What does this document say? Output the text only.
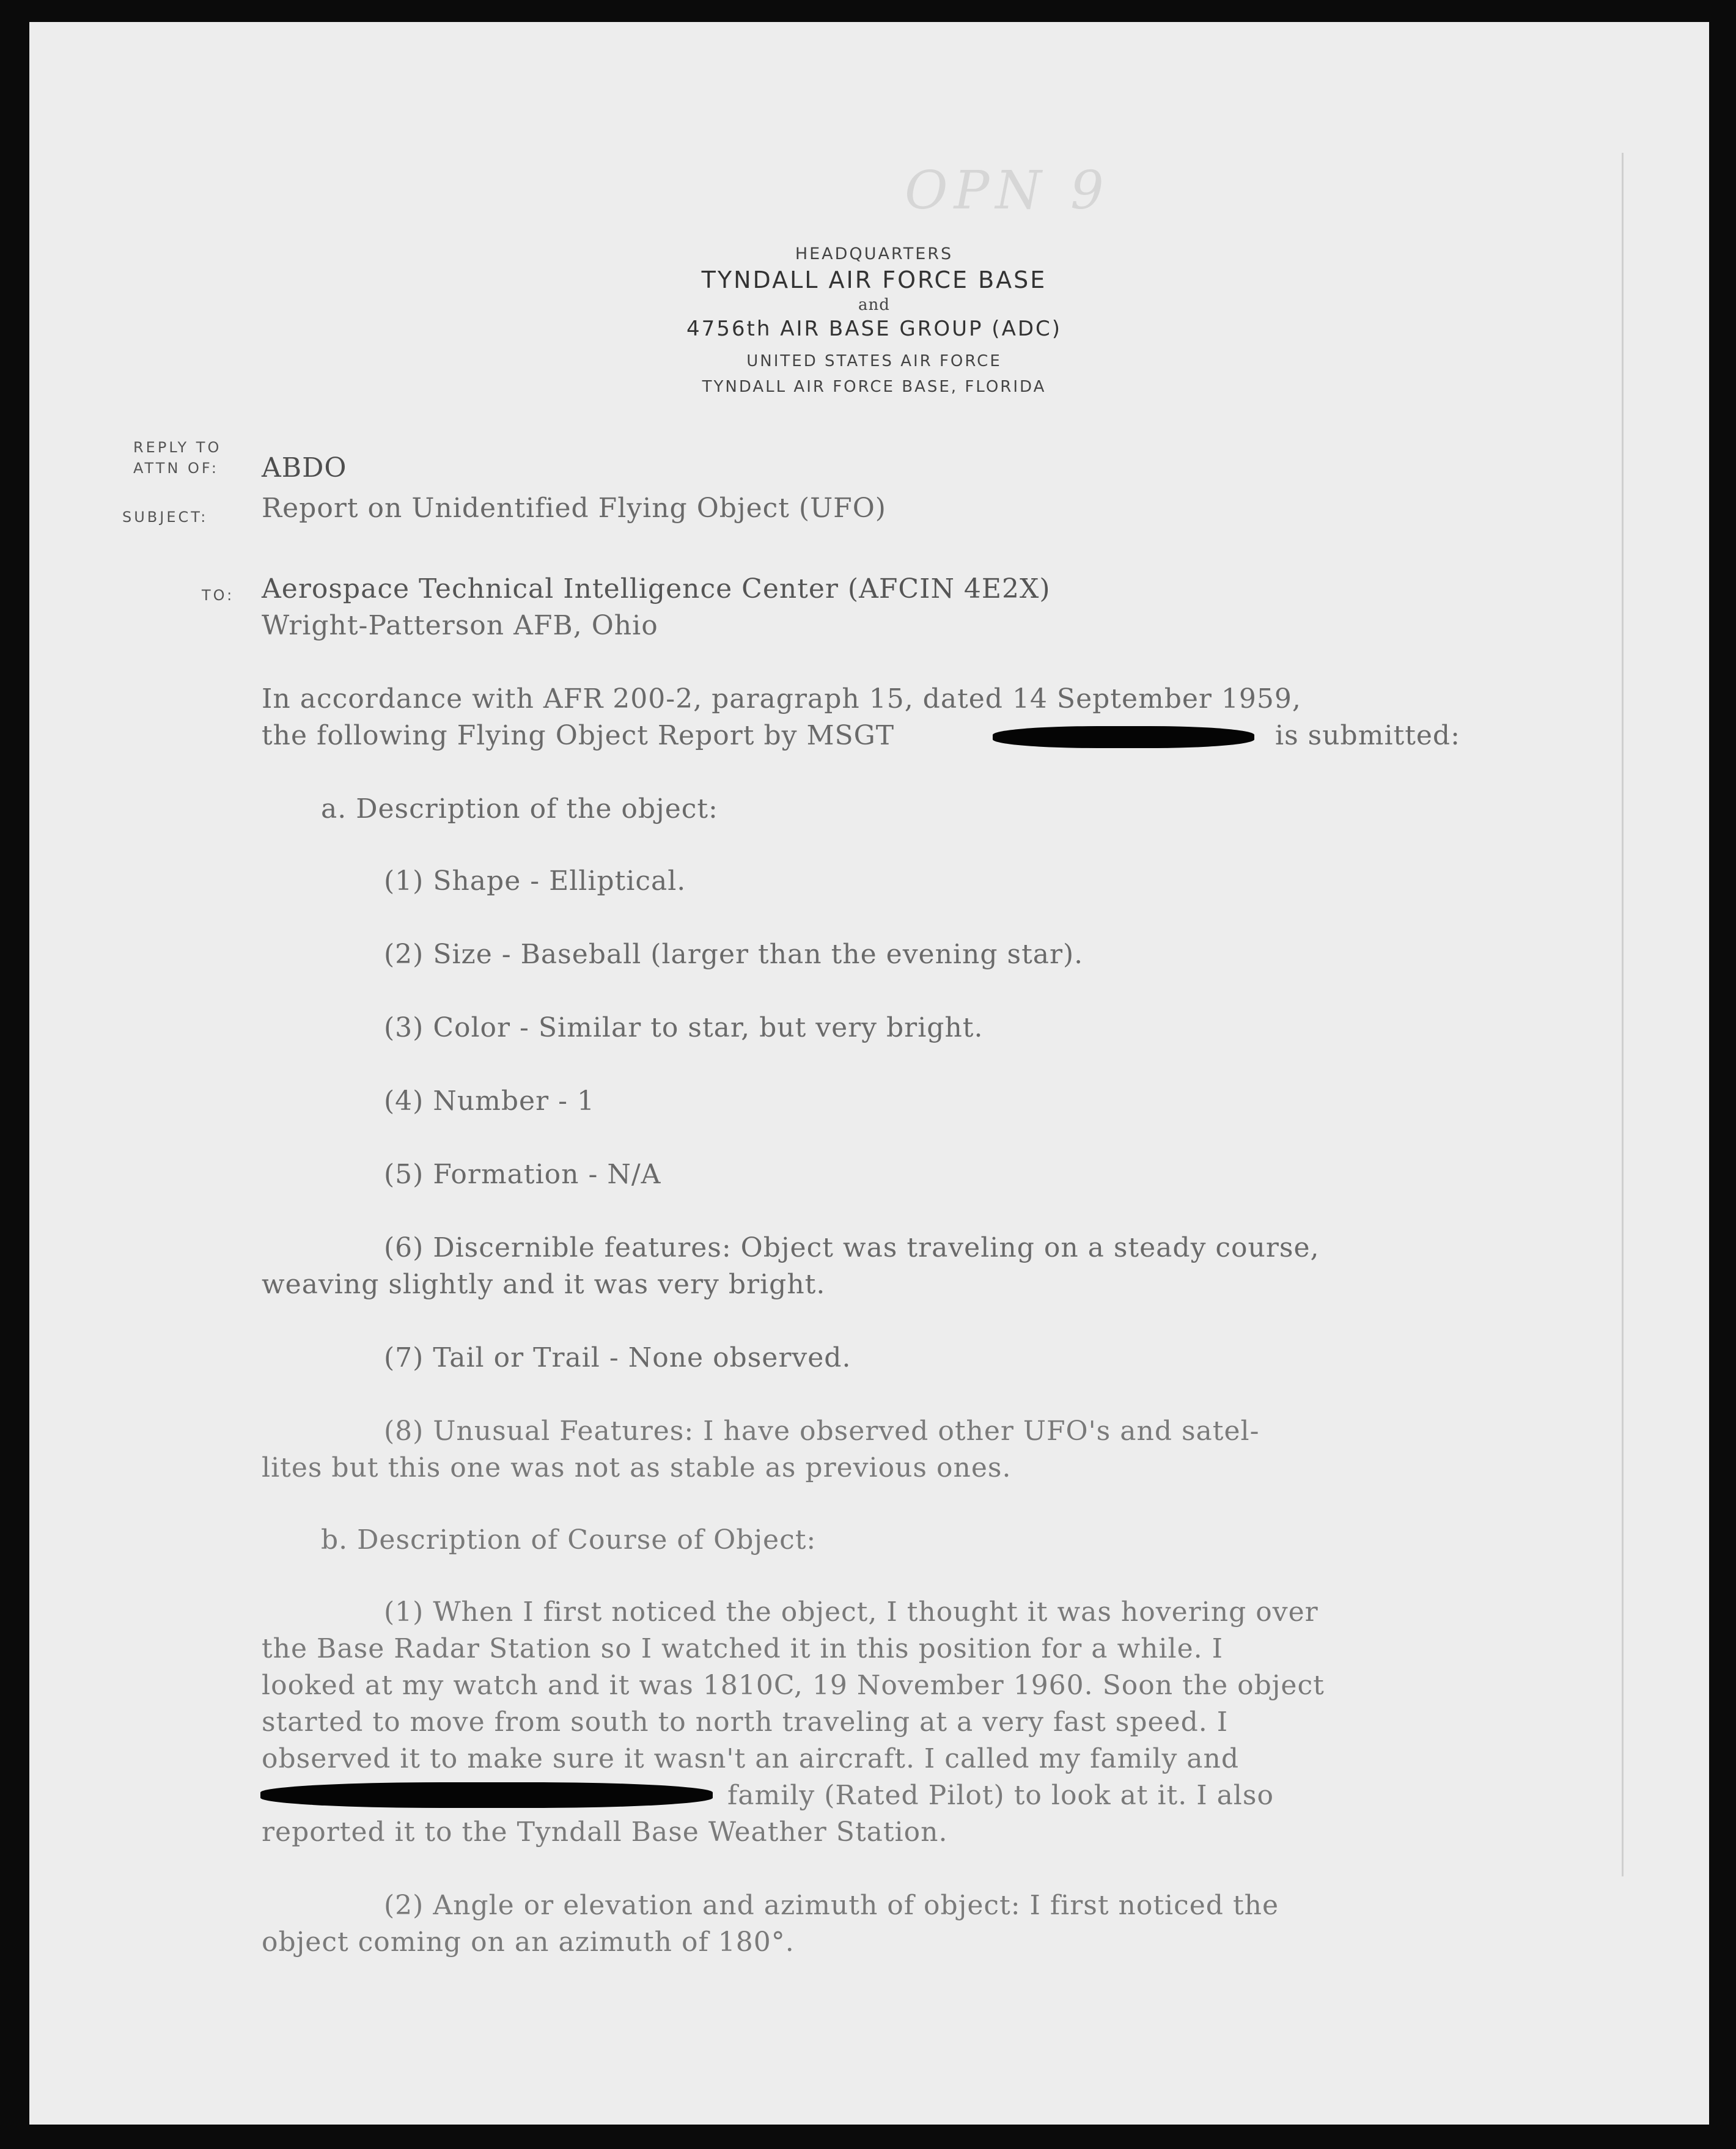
OPN 9
HEADQUARTERS
TYNDALL AIR FORCE BASE
and
4756th AIR BASE GROUP (ADC)
UNITED STATES AIR FORCE
TYNDALL AIR FORCE BASE, FLORIDA
REPLY TO
ATTN OF: ABDO
SUBJECT: Report on Unidentified Flying Object (UFO)
TO: Aerospace Technical Intelligence Center (AFCIN 4E2X)
Wright-Patterson AFB, Ohio
In accordance with AFR 200-2, paragraph 15, dated 14 September 1959,
the following Flying Object Report by MSGT	is submitted:
a. Description of the object:
(1) Shape - Elliptical.
(2) Size - Baseball (larger than the evening star).
(3) Color - Similar to star, but very bright.
(4) Number - 1
(5) Formation - N/A
(6) Discernible features: Object was traveling on a steady course,
weaving slightly and it was very bright.
(7) Tail or Trail - None observed.
(8) Unusual Features: I have observed other UFO's and satel-
lites but this one was not as stable as previous ones.
b. Description of Course of Object:
(1) When I first noticed the object, I thought it was hovering over
the Base Radar Station so I watched it in this position for a while. I
looked at my watch and it was 1810C, 19 November 1960. Soon the object
started to move from south to north traveling at a very fast speed. I
observed it to make sure it wasn't an aircraft. I called my family and
family (Rated Pilot) to look at it. I also
reported it to the Tyndall Base Weather Station.
(2) Angle or elevation and azimuth of object: I first noticed the
object coming on an azimuth of 180°.
